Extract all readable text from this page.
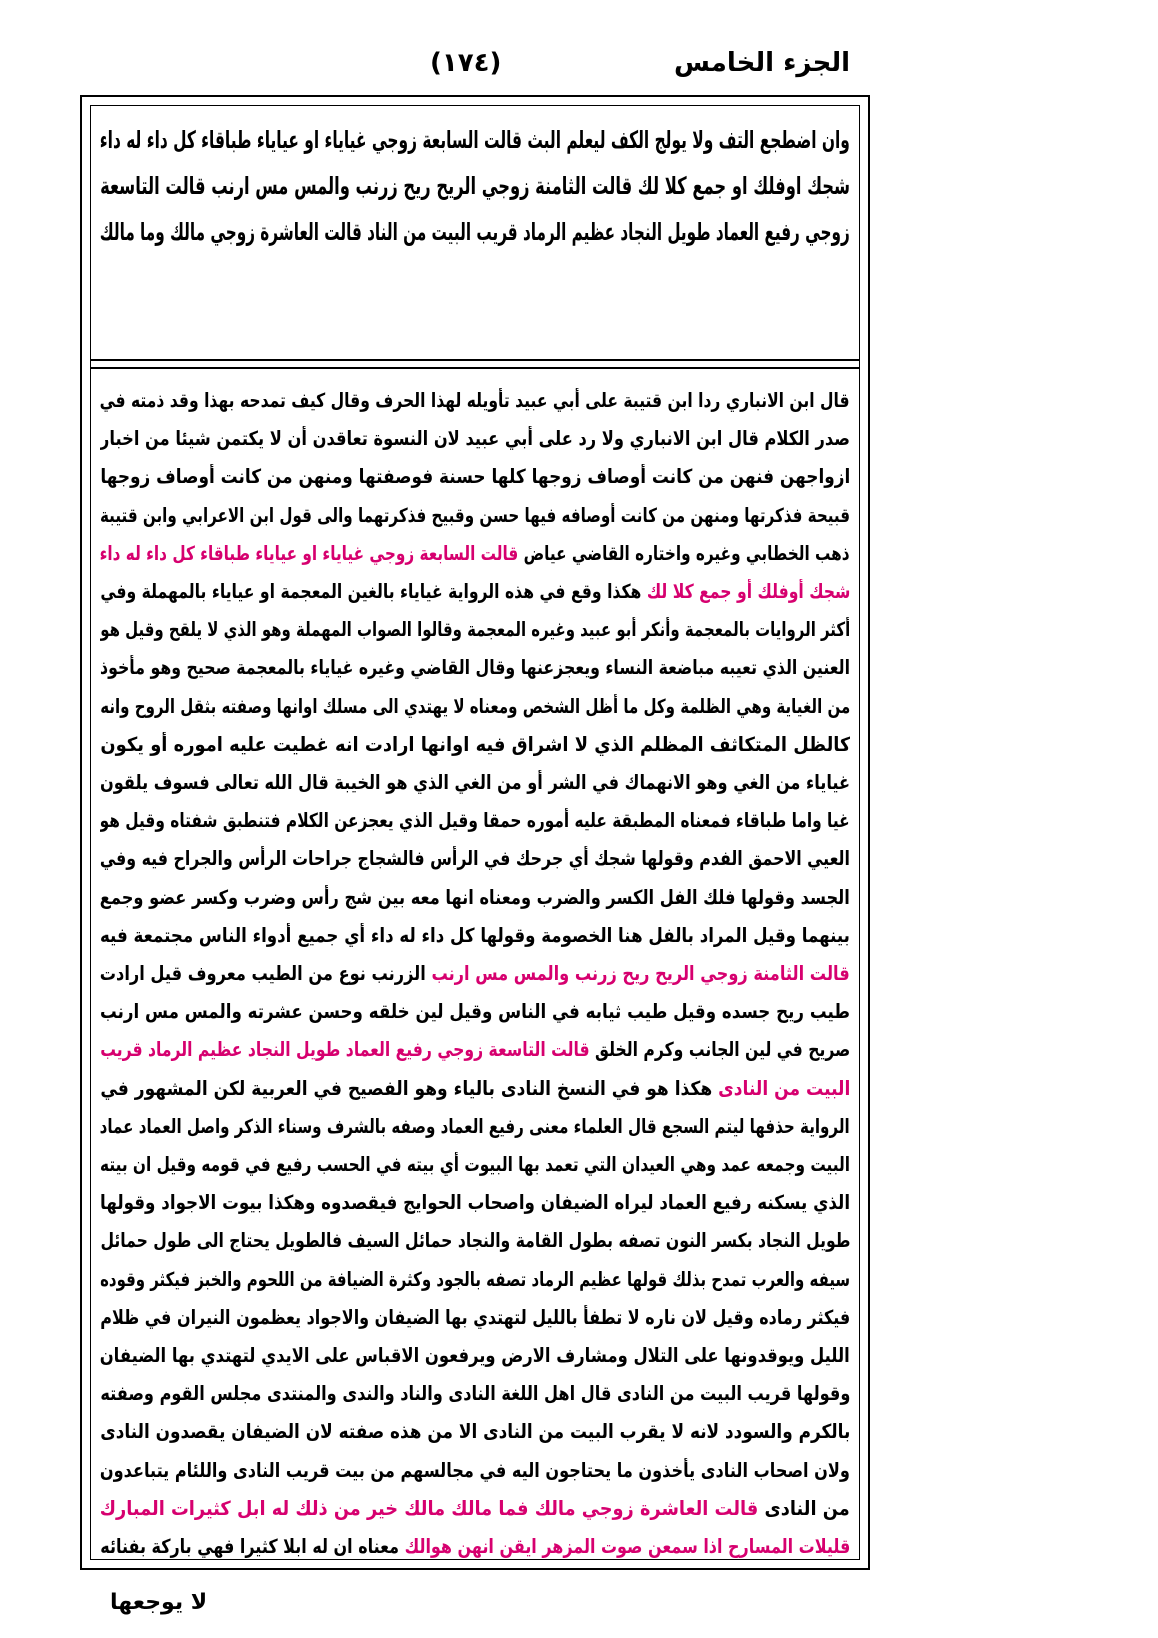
الجزء الخامس
(١٧٤)
وان اضطجع التف ولا يولج الكف ليعلم البث قالت السابعة زوجي غياياء او عياياء طباقاء كل داء له داء
شجك اوفلك او جمع كلا لك قالت الثامنة زوجي الريح ريح زرنب والمس مس ارنب قالت التاسعة
زوجي رفيع العماد طويل النجاد عظيم الرماد قريب البيت من الناد قالت العاشرة زوجي مالك وما مالك
قال ابن الانباري ردا ابن قتيبة على أبي عبيد تأويله لهذا الحرف وقال كيف تمدحه بهذا وقد ذمته في
صدر الكلام قال ابن الانباري ولا رد على أبي عبيد لان النسوة تعاقدن أن لا يكتمن شيئا من اخبار
ازواجهن فنهن من كانت أوصاف زوجها كلها حسنة فوصفتها ومنهن من كانت أوصاف زوجها
قبيحة فذكرتها ومنهن من كانت أوصافه فيها حسن وقبيح فذكرتهما والى قول ابن الاعرابي وابن قتيبة
ذهب الخطابي وغيره واختاره القاضي عياض قالت السابعة زوجي غياياء او عياياء طباقاء كل داء له داء
شجك أوفلك أو جمع كلا لك هكذا وقع في هذه الرواية غياياء بالغين المعجمة او عياياء بالمهملة وفي
أكثر الروايات بالمعجمة وأنكر أبو عبيد وغيره المعجمة وقالوا الصواب المهملة وهو الذي لا يلقح وقيل هو
العنين الذي تعيبه مباضعة النساء ويعجزعنها وقال القاضي وغيره غياياء بالمعجمة صحيح وهو مأخوذ
من الغياية وهي الظلمة وكل ما أظل الشخص ومعناه لا يهتدي الى مسلك اوانها وصفته بثقل الروح وانه
كالظل المتكاثف المظلم الذي لا اشراق فيه اوانها ارادت انه غطيت عليه اموره أو يكون
غياياء من الغي وهو الانهماك في الشر أو من الغي الذي هو الخيبة قال الله تعالى فسوف يلقون
غيا واما طباقاء فمعناه المطبقة عليه أموره حمقا وقيل الذي يعجزعن الكلام فتنطبق شفتاه وقيل هو
العيي الاحمق الفدم وقولها شجك أي جرحك في الرأس فالشجاج جراحات الرأس والجراح فيه وفي
الجسد وقولها فلك الفل الكسر والضرب ومعناه انها معه بين شج رأس وضرب وكسر عضو وجمع
بينهما وقيل المراد بالفل هنا الخصومة وقولها كل داء له داء أي جميع أدواء الناس مجتمعة فيه
قالت الثامنة زوجي الريح ريح زرنب والمس مس ارنب الزرنب نوع من الطيب معروف قيل ارادت
طيب ريح جسده وقيل طيب ثيابه في الناس وقيل لين خلقه وحسن عشرته والمس مس ارنب
صريح في لين الجانب وكرم الخلق قالت التاسعة زوجي رفيع العماد طويل النجاد عظيم الرماد قريب
البيت من النادى هكذا هو في النسخ النادى بالياء وهو الفصيح في العربية لكن المشهور في
الرواية حذفها ليتم السجع قال العلماء معنى رفيع العماد وصفه بالشرف وسناء الذكر واصل العماد عماد
البيت وجمعه عمد وهي العيدان التي تعمد بها البيوت أي بيته في الحسب رفيع في قومه وقيل ان بيته
الذي يسكنه رفيع العماد ليراه الضيفان واصحاب الحوايج فيقصدوه وهكذا بيوت الاجواد وقولها
طويل النجاد بكسر النون تصفه بطول القامة والنجاد حمائل السيف فالطويل يحتاج الى طول حمائل
سيفه والعرب تمدح بذلك قولها عظيم الرماد تصفه بالجود وكثرة الضيافة من اللحوم والخبز فيكثر وقوده
فيكثر رماده وقيل لان ناره لا تطفأ بالليل لتهتدي بها الضيفان والاجواد يعظمون النيران في ظلام
الليل ويوقدونها على التلال ومشارف الارض ويرفعون الاقباس على الايدي لتهتدي بها الضيفان
وقولها قريب البيت من النادى قال اهل اللغة النادى والناد والندى والمنتدى مجلس القوم وصفته
بالكرم والسودد لانه لا يقرب البيت من النادى الا من هذه صفته لان الضيفان يقصدون النادى
ولان اصحاب النادى يأخذون ما يحتاجون اليه في مجالسهم من بيت قريب النادى واللئام يتباعدون
من النادى قالت العاشرة زوجي مالك فما مالك مالك خير من ذلك له ابل كثيرات المبارك
قليلات المسارح اذا سمعن صوت المزهر ايقن انهن هوالك معناه ان له ابلا كثيرا فهي باركة بفنائه
لا يوجعها
